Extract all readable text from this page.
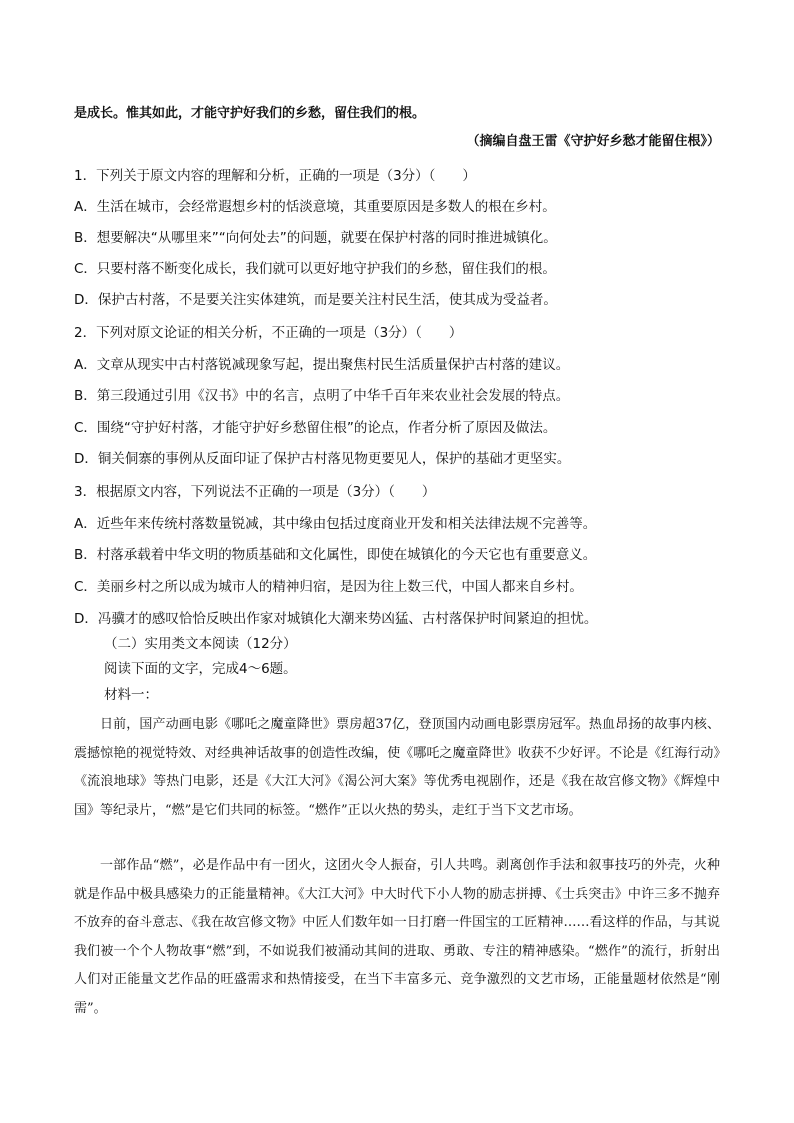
是成长。惟其如此，才能守护好我们的乡愁，留住我们的根。
（摘编自盘王雷《守护好乡愁才能留住根》）
1．下列关于原文内容的理解和分析，正确的一项是（3分）（　　）
A．生活在城市，会经常遐想乡村的恬淡意境，其重要原因是多数人的根在乡村。
B．想要解决“从哪里来”“向何处去”的问题，就要在保护村落的同时推进城镇化。
C．只要村落不断变化成长，我们就可以更好地守护我们的乡愁，留住我们的根。
D．保护古村落，不是要关注实体建筑，而是要关注村民生活，使其成为受益者。
2．下列对原文论证的相关分析，不正确的一项是（3分）（　　）
A．文章从现实中古村落锐减现象写起，提出聚焦村民生活质量保护古村落的建议。
B．第三段通过引用《汉书》中的名言，点明了中华千百年来农业社会发展的特点。
C．围绕“守护好村落，才能守护好乡愁留住根”的论点，作者分析了原因及做法。
D．铜关侗寨的事例从反面印证了保护古村落见物更要见人，保护的基础才更坚实。
3．根据原文内容，下列说法不正确的一项是（3分）（　　）
A．近些年来传统村落数量锐减，其中缘由包括过度商业开发和相关法律法规不完善等。
B．村落承载着中华文明的物质基础和文化属性，即使在城镇化的今天它也有重要意义。
C．美丽乡村之所以成为城市人的精神归宿，是因为往上数三代，中国人都来自乡村。
D．冯骥才的感叹恰恰反映出作家对城镇化大潮来势凶猛、古村落保护时间紧迫的担忧。
（二）实用类文本阅读（12分）
阅读下面的文字，完成4～6题。
材料一：
日前，国产动画电影《哪吒之魔童降世》票房超37亿，登顶国内动画电影票房冠军。热血昂扬的故事内核、震撼惊艳的视觉特效、对经典神话故事的创造性改编，使《哪吒之魔童降世》收获不少好评。不论是《红海行动》《流浪地球》等热门电影，还是《大江大河》《渴公河大案》等优秀电视剧作，还是《我在故宫修文物》《辉煌中国》等纪录片，“燃”是它们共同的标签。“燃作”正以火热的势头，走红于当下文艺市场。
一部作品“燃”，必是作品中有一团火，这团火令人振奋，引人共鸣。剥离创作手法和叙事技巧的外壳，火种就是作品中极具感染力的正能量精神。《大江大河》中大时代下小人物的励志拼搏、《士兵突击》中许三多不抛弃不放弃的奋斗意志、《我在故宫修文物》中匠人们数年如一日打磨一件国宝的工匠精神……看这样的作品，与其说我们被一个个人物故事“燃”到，不如说我们被涌动其间的进取、勇敢、专注的精神感染。“燃作”的流行，折射出人们对正能量文艺作品的旺盛需求和热情接受，在当下丰富多元、竞争激烈的文艺市场，正能量题材依然是“刚需”。
